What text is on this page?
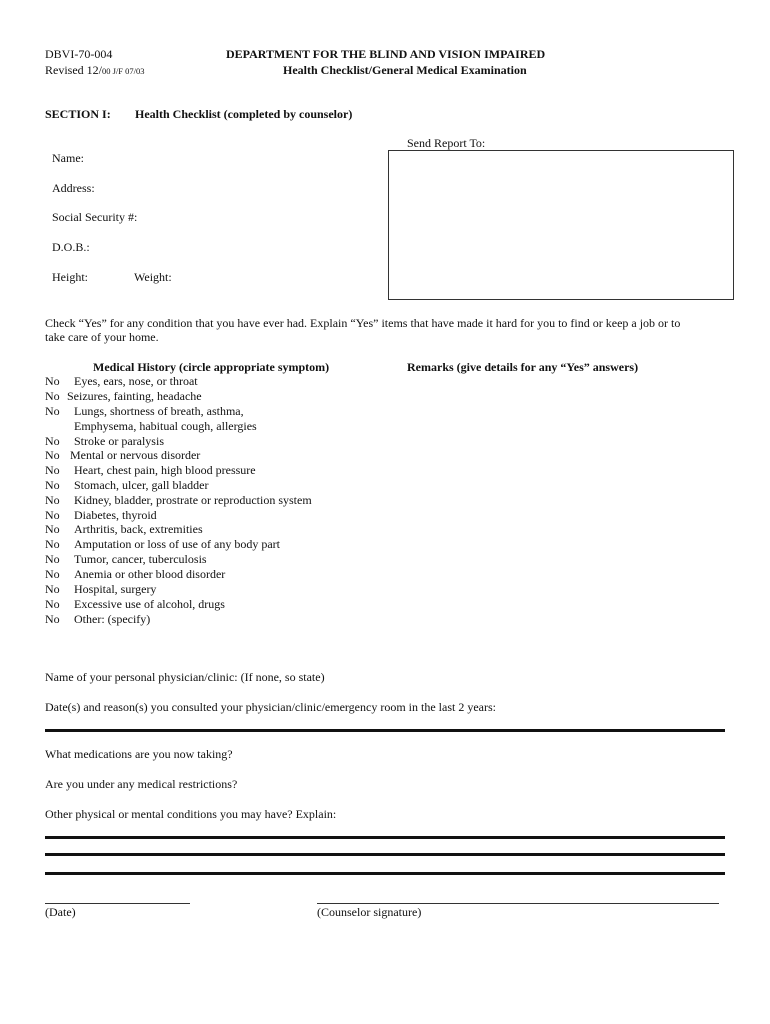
DBVI-70-004
Revised 12/00 J/F 07/03
DEPARTMENT FOR THE BLIND AND VISION IMPAIRED
Health Checklist/General Medical Examination
SECTION I: Health Checklist (completed by counselor)
Send Report To:
Name:
Address:
Social Security #:
D.O.B.:
Height:	Weight:
Check “Yes” for any condition that you have ever had. Explain “Yes” items that have made it hard for you to find or keep a job or to
take care of your home.
Medical History (circle appropriate symptom)	Remarks (give details for any “Yes” answers)
No Eyes, ears, nose, or throat
No Seizures, fainting, headache
No Lungs, shortness of breath, asthma,
Emphysema, habitual cough, allergies
No Stroke or paralysis
No Mental or nervous disorder
No Heart, chest pain, high blood pressure
No Stomach, ulcer, gall bladder
No Kidney, bladder, prostrate or reproduction system
No Diabetes, thyroid
No Arthritis, back, extremities
No Amputation or loss of use of any body part
No Tumor, cancer, tuberculosis
No Anemia or other blood disorder
No Hospital, surgery
No Excessive use of alcohol, drugs
No Other: (specify)
Name of your personal physician/clinic: (If none, so state)
Date(s) and reason(s) you consulted your physician/clinic/emergency room in the last 2 years:
What medications are you now taking?
Are you under any medical restrictions?
Other physical or mental conditions you may have? Explain:
(Date)	(Counselor signature)
